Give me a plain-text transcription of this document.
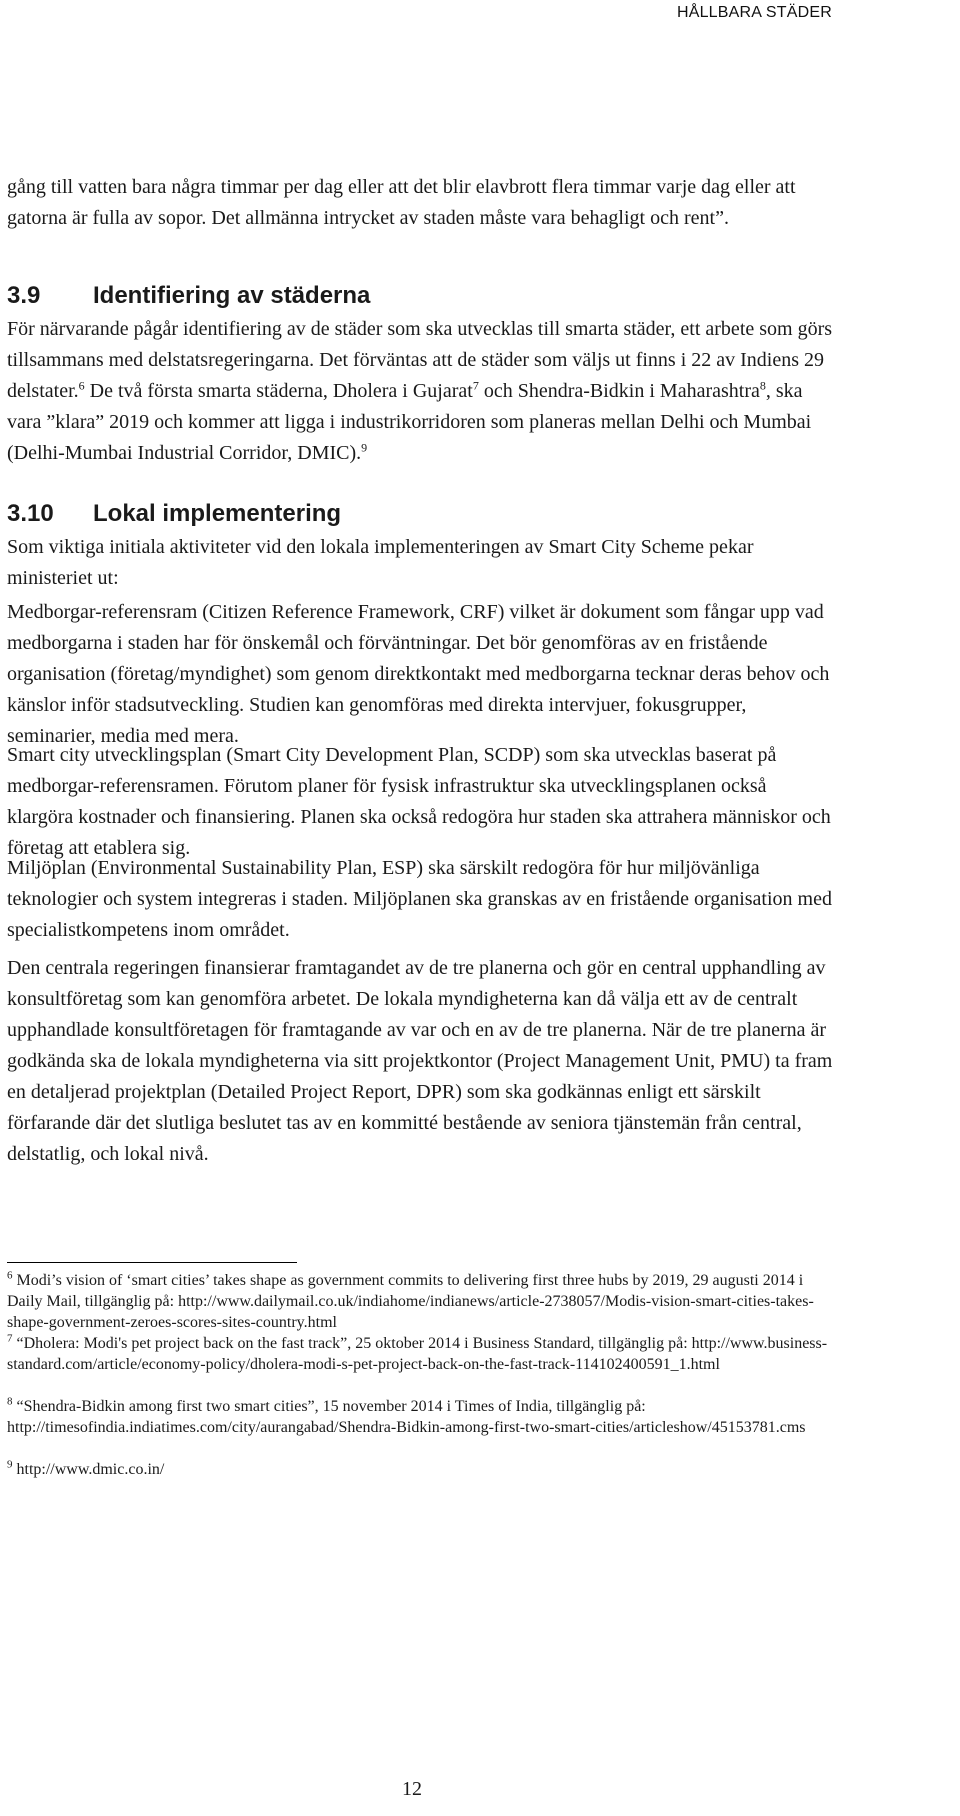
HÅLLBARA STÄDER

gång till vatten bara några timmar per dag eller att det blir elavbrott flera timmar varje dag eller att gatorna är fulla av sopor. Det allmänna intrycket av staden måste vara behagligt och rent”.

3.9 Identifiering av städerna

För närvarande pågår identifiering av de städer som ska utvecklas till smarta städer, ett arbete som görs tillsammans med delstatsregeringarna. Det förväntas att de städer som väljs ut finns i 22 av Indiens 29 delstater.$^6$ De två första smarta städerna, Dholera i Gujarat$^7$ och Shendra-Bidkin i Maharashtra$^8$, ska vara ”klara” 2019 och kommer att ligga i industrikorridoren som planeras mellan Delhi och Mumbai (Delhi-Mumbai Industrial Corridor, DMIC).$^9$

3.10 Lokal implementering

Som viktiga initiala aktiviteter vid den lokala implementeringen av Smart City Scheme pekar ministeriet ut:

Medborgar-referensram (Citizen Reference Framework, CRF) vilket är dokument som fångar upp vad medborgarna i staden har för önskemål och förväntningar. Det bör genomföras av en fristående organisation (företag/myndighet) som genom direktkontakt med medborgarna tecknar deras behov och känslor inför stadsutveckling. Studien kan genomföras med direkta intervjuer, fokusgrupper, seminarier, media med mera.

Smart city utvecklingsplan (Smart City Development Plan, SCDP) som ska utvecklas baserat på medborgar-referensramen. Förutom planer för fysisk infrastruktur ska utvecklingsplanen också klargöra kostnader och finansiering. Planen ska också redogöra hur staden ska attrahera människor och företag att etablera sig.

Miljöplan (Environmental Sustainability Plan, ESP) ska särskilt redogöra för hur miljövänliga teknologier och system integreras i staden. Miljöplanen ska granskas av en fristående organisation med specialistkompetens inom området.

Den centrala regeringen finansierar framtagandet av de tre planerna och gör en central upphandling av konsultföretag som kan genomföra arbetet. De lokala myndigheterna kan då välja ett av de centralt upphandlade konsultföretagen för framtagande av var och en av de tre planerna. När de tre planerna är godkända ska de lokala myndigheterna via sitt projektkontor (Project Management Unit, PMU) ta fram en detaljerad projektplan (Detailed Project Report, DPR) som ska godkännas enligt ett särskilt förfarande där det slutliga beslutet tas av en kommitté bestående av seniora tjänstemän från central, delstatlig, och lokal nivå.

$^6$ Modi’s vision of ‘smart cities’ takes shape as government commits to delivering first three hubs by 2019, 29 augusti 2014 i Daily Mail, tillgänglig på: http://www.dailymail.co.uk/indiahome/indianews/article-2738057/Modis-vision-smart-cities-takes-shape-government-zeroes-scores-sites-country.html

$^7$ “Dholera: Modi's pet project back on the fast track”, 25 oktober 2014 i Business Standard, tillgänglig på: http://www.business-standard.com/article/economy-policy/dholera-modi-s-pet-project-back-on-the-fast-track-114102400591_1.html

$^8$ “Shendra-Bidkin among first two smart cities”, 15 november 2014 i Times of India, tillgänglig på: http://timesofindia.indiatimes.com/city/aurangabad/Shendra-Bidkin-among-first-two-smart-cities/articleshow/45153781.cms

$^9$ http://www.dmic.co.in/

12
